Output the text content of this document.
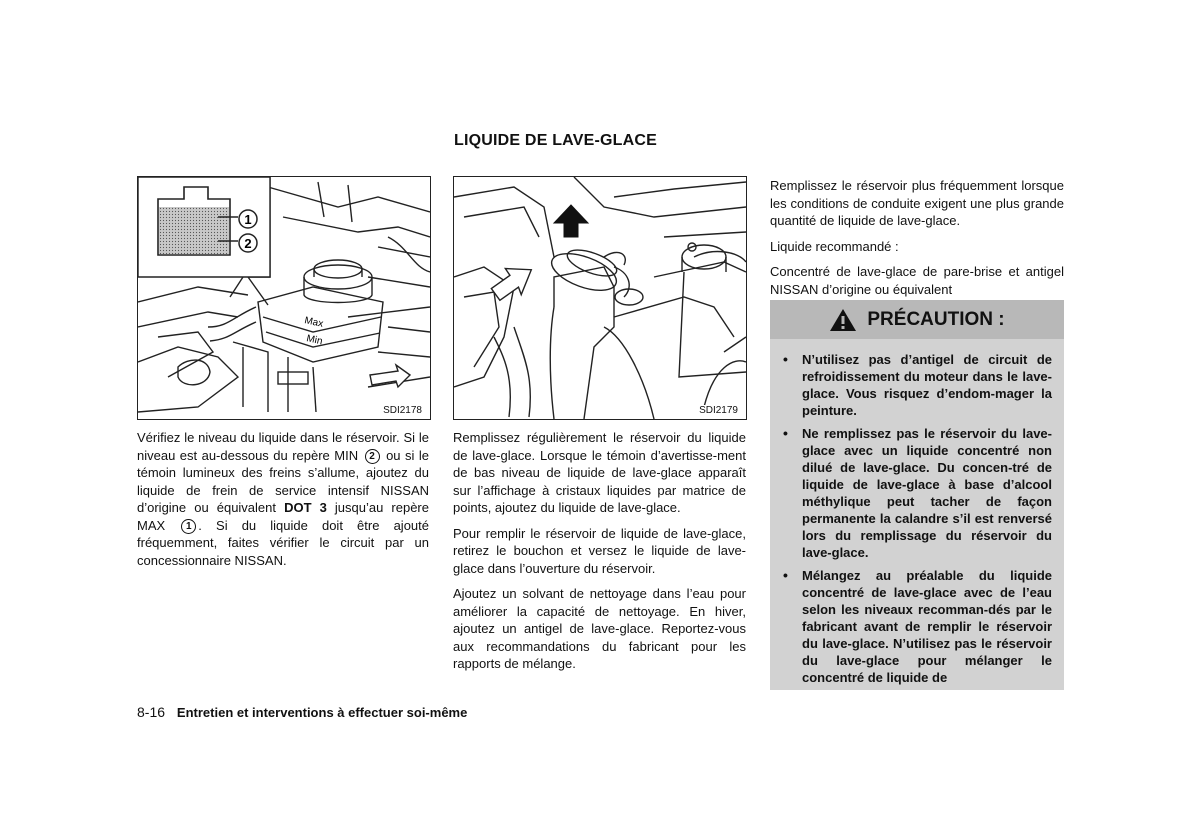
LIQUIDE DE LAVE-GLACE
1
2
Max
Min
SDI2178	SDI2179
Vérifiez le niveau du liquide dans le réservoir. Si le niveau est au-dessous du repère MIN 2 ou si le témoin lumineux des freins s’allume, ajoutez du liquide de frein de service intensif NISSAN d’origine ou équivalent DOT 3 jusqu’au repère MAX 1 . Si du liquide doit être ajouté fréquemment, faites vérifier le circuit par un concessionnaire NISSAN.

Remplissez régulièrement le réservoir du liquide de lave-glace. Lorsque le témoin d’avertisse-ment de bas niveau de liquide de lave-glace apparaît sur l’affichage à cristaux liquides par matrice de points, ajoutez du liquide de lave-glace.

Pour remplir le réservoir de liquide de lave-glace, retirez le bouchon et versez le liquide de lave-glace dans l’ouverture du réservoir.

Ajoutez un solvant de nettoyage dans l’eau pour améliorer la capacité de nettoyage. En hiver, ajoutez un antigel de lave-glace. Reportez-vous aux recommandations du fabricant pour les rapports de mélange.

Remplissez le réservoir plus fréquemment lorsque les conditions de conduite exigent une plus grande quantité de liquide de lave-glace.

Liquide recommandé :

Concentré de lave-glace de pare-brise et antigel NISSAN d’origine ou équivalent

PRÉCAUTION :
• N’utilisez pas d’antigel de circuit de refroidissement du moteur dans le lave-glace. Vous risquez d’endom-mager la peinture.
• Ne remplissez pas le réservoir du lave-glace avec un liquide concentré non dilué de lave-glace. Du concen-tré de liquide de lave-glace à base d’alcool méthylique peut tacher de façon permanente la calandre s’il est renversé lors du remplissage du réservoir du lave-glace.
• Mélangez au préalable du liquide concentré de lave-glace avec de l’eau selon les niveaux recomman-dés par le fabricant avant de remplir le réservoir du lave-glace. N’utilisez pas le réservoir du lave-glace pour mélanger le concentré de liquide de
8-16 Entretien et interventions à effectuer soi-même
